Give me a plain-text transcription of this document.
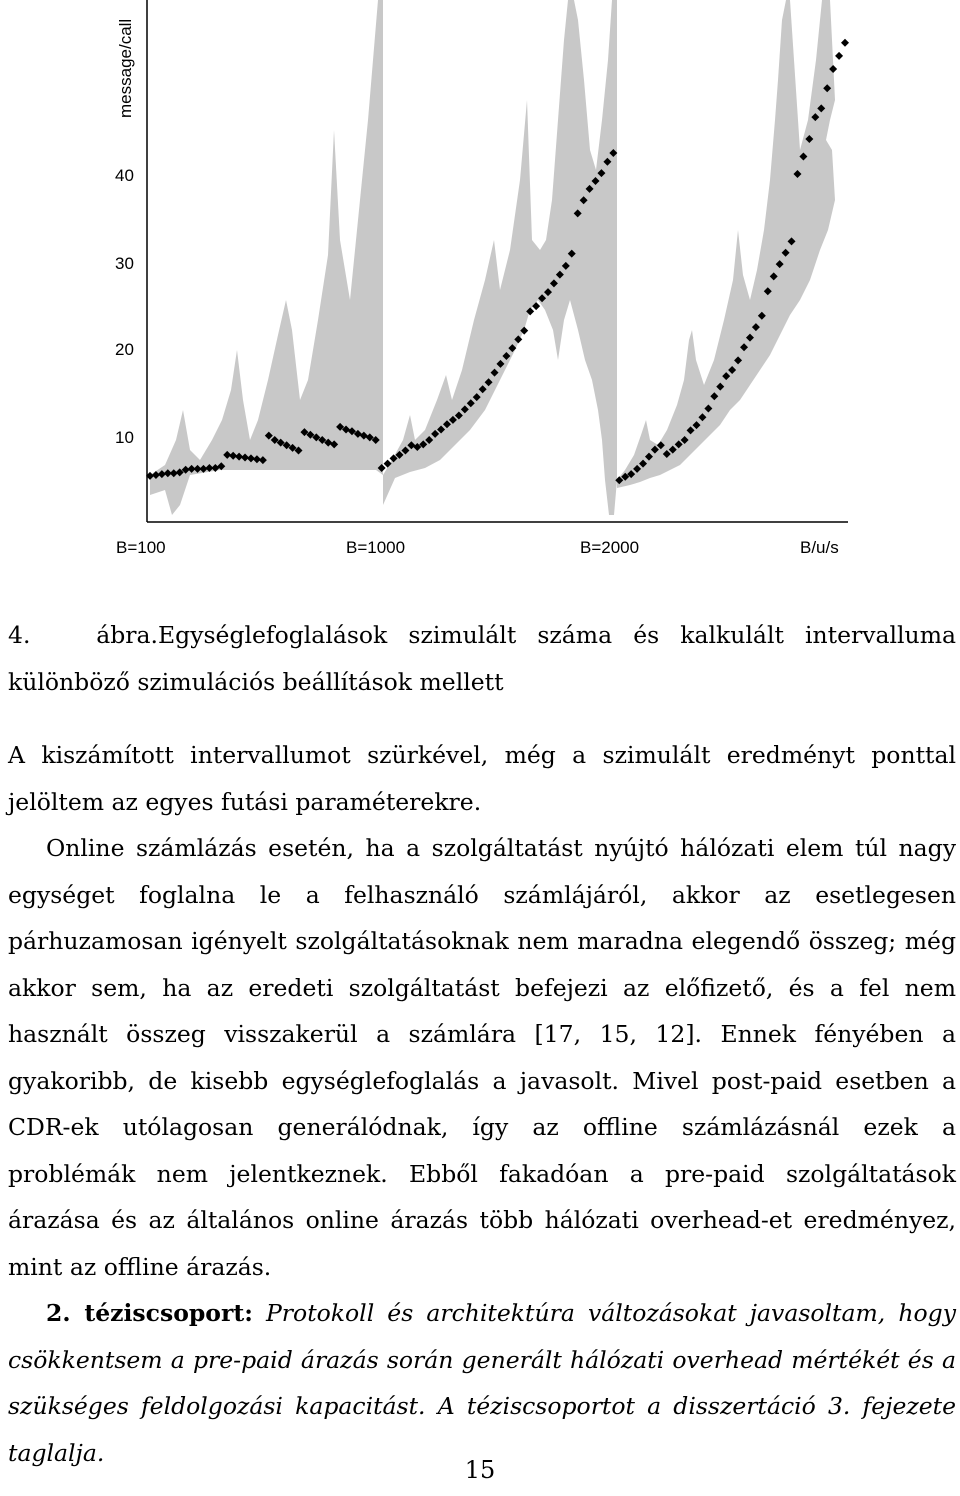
message/call
10
20
30
40
B=100	B=1000	B=2000	B/u/s
4. ábra.Egységlefoglalások szimulált száma és kalkulált intervalluma
különböző szimulációs beállítások mellett

A kiszámított intervallumot szürkével, még a szimulált eredményt ponttal jelöltem az egyes futási paraméterekre.

Online számlázás esetén, ha a szolgáltatást nyújtó hálózati elem túl nagy egységet foglalna le a felhasználó számlájáról, akkor az esetlegesen párhuzamosan igényelt szolgáltatásoknak nem maradna elegendő összeg; még akkor sem, ha az eredeti szolgáltatást befejezi az előfizető, és a fel nem használt összeg visszakerül a számlára [17, 15, 12]. Ennek fényében a gyakoribb, de kisebb egységlefoglalás a javasolt. Mivel post-paid esetben a CDR-ek utólagosan generálódnak, így az offline számlázásnál ezek a problémák nem jelentkeznek. Ebből fakadóan a pre-paid szolgáltatások árazása és az általános online árazás több hálózati overhead-et eredményez, mint az offline árazás.

2. téziscsoport: Protokoll és architektúra változásokat javasoltam, hogy csökkentsem a pre-paid árazás során generált hálózati overhead mértékét és a szükséges feldolgozási kapacitást. A téziscsoportot a disszertáció 3. fejezete taglalja.

15
